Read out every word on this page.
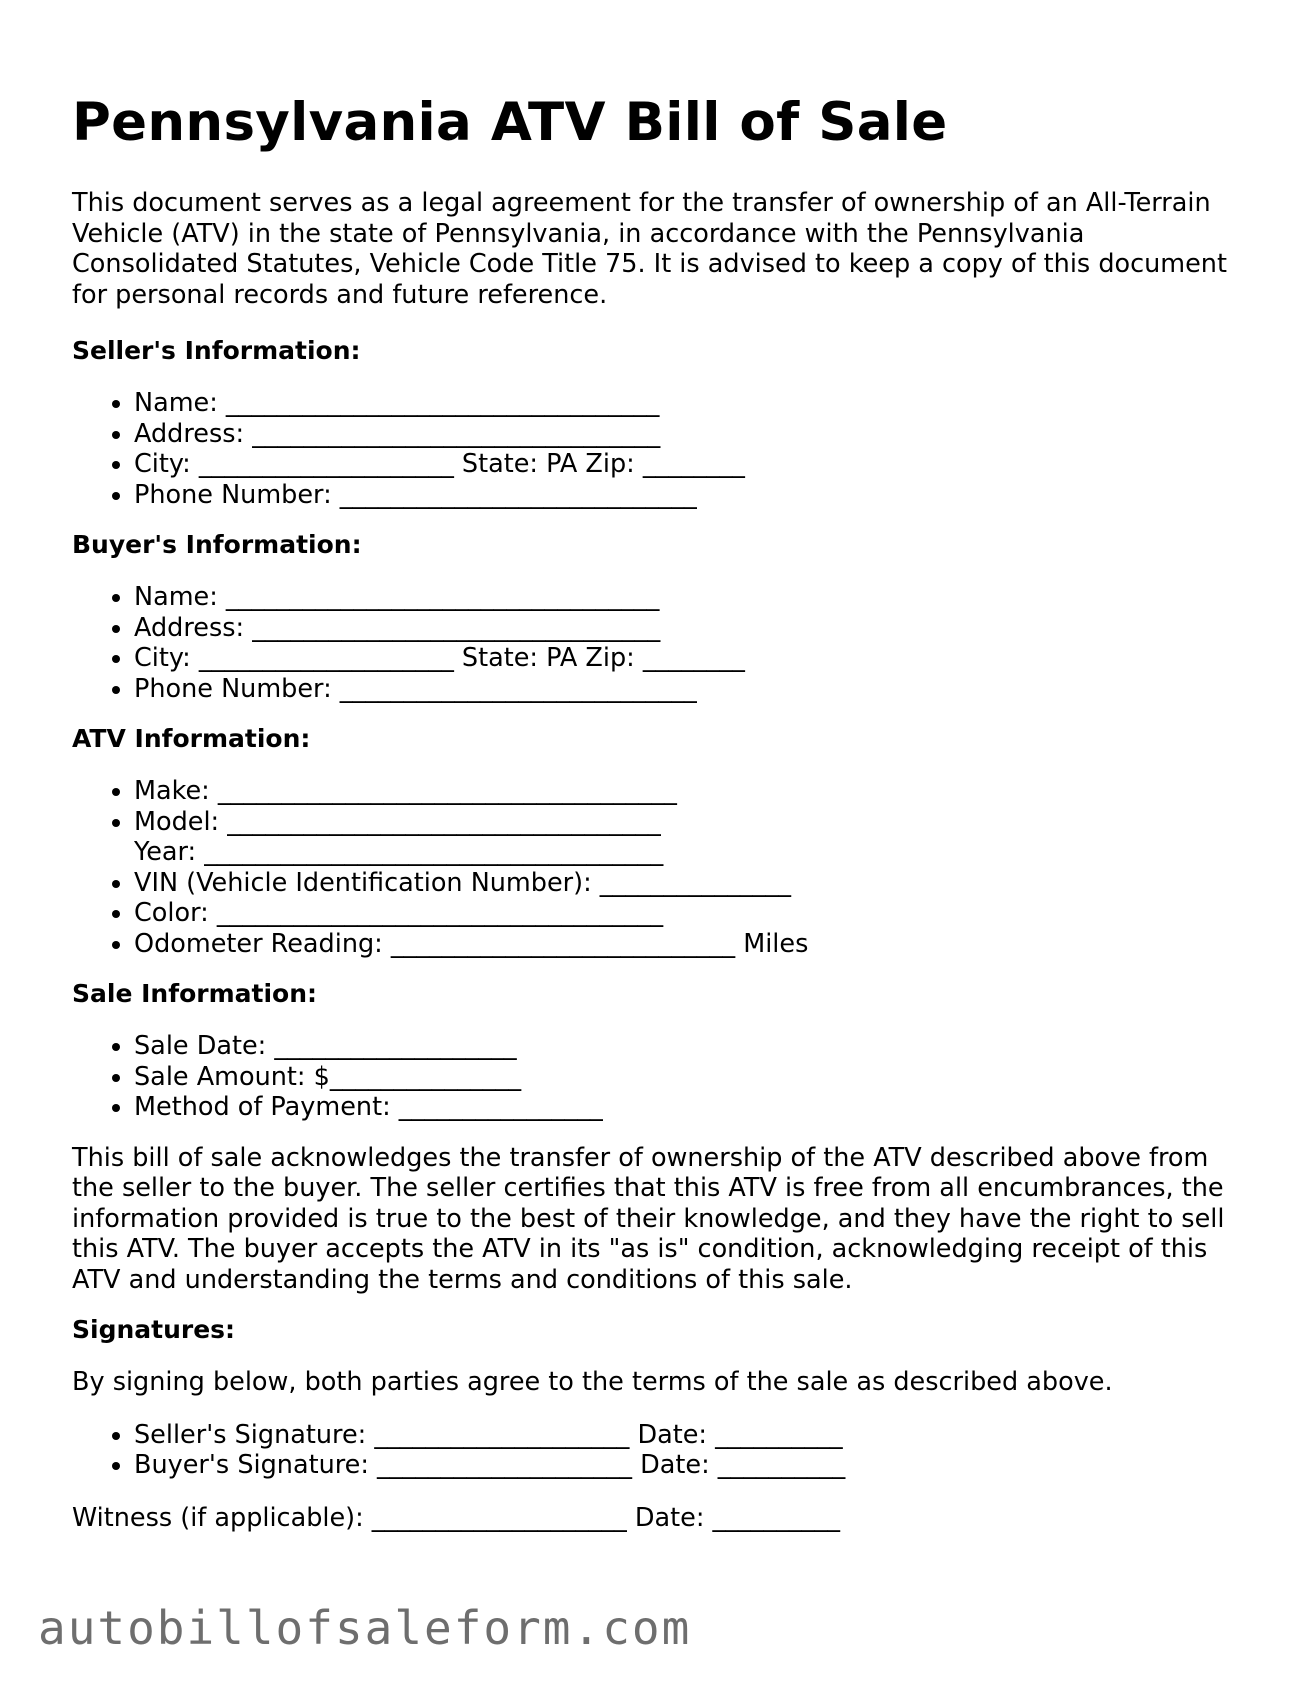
Pennsylvania ATV Bill of Sale

This document serves as a legal agreement for the transfer of ownership of an All-Terrain Vehicle (ATV) in the state of Pennsylvania, in accordance with the Pennsylvania Consolidated Statutes, Vehicle Code Title 75. It is advised to keep a copy of this document for personal records and future reference.

Seller's Information:
• Name: __________________________________
• Address: ________________________________
• City: ____________________ State: PA Zip: ________
• Phone Number: ____________________________
Buyer's Information:
• Name: __________________________________
• Address: ________________________________
• City: ____________________ State: PA Zip: ________
• Phone Number: ____________________________
ATV Information:
• Make: ____________________________________
• Model: __________________________________
Year: ____________________________________
• VIN (Vehicle Identification Number): _______________
• Color: ___________________________________
• Odometer Reading: ___________________________ Miles
Sale Information:
• Sale Date: ___________________
• Sale Amount: $_______________
• Method of Payment: ________________

This bill of sale acknowledges the transfer of ownership of the ATV described above from the seller to the buyer. The seller certifies that this ATV is free from all encumbrances, the information provided is true to the best of their knowledge, and they have the right to sell this ATV. The buyer accepts the ATV in its "as is" condition, acknowledging receipt of this ATV and understanding the terms and conditions of this sale.

Signatures:

By signing below, both parties agree to the terms of the sale as described above.

• Seller's Signature: ____________________ Date: __________
• Buyer's Signature: ____________________ Date: __________

Witness (if applicable): ____________________ Date: __________

autobillofsaleform.com
